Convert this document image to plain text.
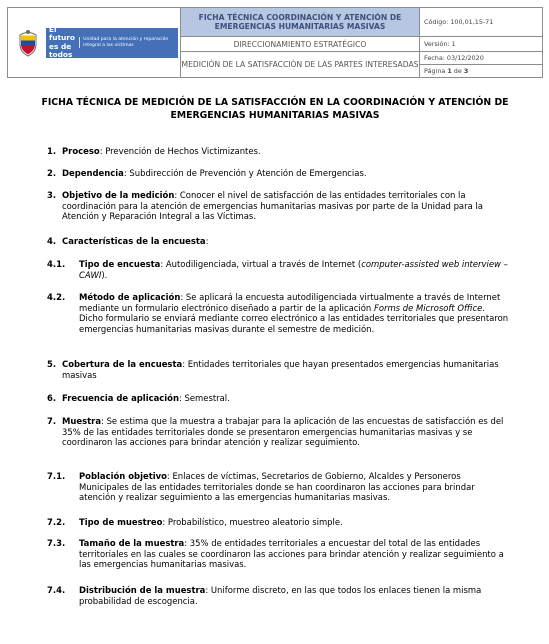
El futuro es de todos
Unidad para la atención y reparación integral a las víctimas	FICHA TÉCNICA COORDINACIÓN Y ATENCIÓN DE EMERGENCIAS HUMANITARIAS MASIVAS	Código: 100,01,15-71
	DIRECCIONAMIENTO ESTRATÉGICO	Versión: 1
	MEDICIÓN DE LA SATISFACCIÓN DE LAS PARTES INTERESADAS	Fecha: 03/12/2020
		Página 1 de 3
FICHA TÉCNICA DE MEDICIÓN DE LA SATISFACCIÓN EN LA COORDINACIÓN Y ATENCIÓN DE EMERGENCIAS HUMANITARIAS MASIVAS
1. Proceso: Prevención de Hechos Victimizantes.
2. Dependencia: Subdirección de Prevención y Atención de Emergencias.
3. Objetivo de la medición: Conocer el nivel de satisfacción de las entidades territoriales con la coordinación para la atención de emergencias humanitarias masivas por parte de la Unidad para la Atención y Reparación Integral a las Víctimas.
4. Características de la encuesta:
4.1. Tipo de encuesta: Autodiligenciada, virtual a través de Internet (computer-assisted web interview – CAWI).
4.2. Método de aplicación: Se aplicará la encuesta autodiligenciada virtualmente a través de Internet mediante un formulario electrónico diseñado a partir de la aplicación Forms de Microsoft Office. Dicho formulario se enviará mediante correo electrónico a las entidades territoriales que presentaron emergencias humanitarias masivas durante el semestre de medición.
5. Cobertura de la encuesta: Entidades territoriales que hayan presentados emergencias humanitarias masivas
6. Frecuencia de aplicación: Semestral.
7. Muestra: Se estima que la muestra a trabajar para la aplicación de las encuestas de satisfacción es del 35% de las entidades territoriales donde se presentaron emergencias humanitarias masivas y se coordinaron las acciones para brindar atención y realizar seguimiento.
7.1. Población objetivo: Enlaces de víctimas, Secretarios de Gobierno, Alcaldes y Personeros Municipales de las entidades territoriales donde se han coordinaron las acciones para brindar atención y realizar seguimiento a las emergencias humanitarias masivas.
7.2. Tipo de muestreo: Probabilístico, muestreo aleatorio simple.
7.3. Tamaño de la muestra: 35% de entidades territoriales a encuestar del total de las entidades territoriales en las cuales se coordinaron las acciones para brindar atención y realizar seguimiento a las emergencias humanitarias masivas.
7.4. Distribución de la muestra: Uniforme discreto, en las que todos los enlaces tienen la misma probabilidad de escogencia.
